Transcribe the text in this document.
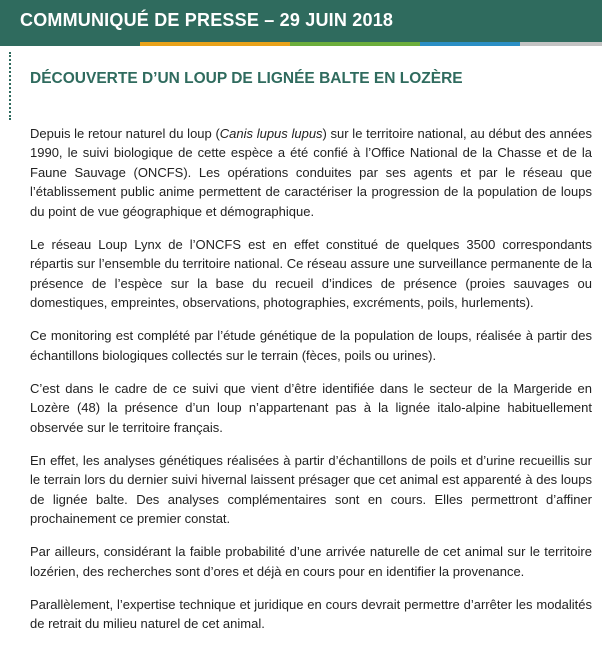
COMMUNIQUÉ DE PRESSE – 29 JUIN 2018
DÉCOUVERTE D’UN LOUP DE LIGNÉE BALTE EN LOZÈRE

Depuis le retour naturel du loup (Canis lupus lupus) sur le territoire national, au début des années 1990, le suivi biologique de cette espèce a été confié à l’Office National de la Chasse et de la Faune Sauvage (ONCFS). Les opérations conduites par ses agents et par le réseau que l’établissement public anime permettent de caractériser la progression de la population de loups du point de vue géographique et démographique.

Le réseau Loup Lynx de l’ONCFS est en effet constitué de quelques 3500 correspondants répartis sur l’ensemble du territoire national. Ce réseau assure une surveillance permanente de la présence de l’espèce sur la base du recueil d’indices de présence (proies sauvages ou domestiques, empreintes, observations, photographies, excréments, poils, hurlements).

Ce monitoring est complété par l’étude génétique de la population de loups, réalisée à partir des échantillons biologiques collectés sur le terrain (fèces, poils ou urines).

C’est dans le cadre de ce suivi que vient d’être identifiée dans le secteur de la Margeride en Lozère (48) la présence d’un loup n’appartenant pas à la lignée italo-alpine habituellement observée sur le territoire français.

En effet, les analyses génétiques réalisées à partir d’échantillons de poils et d’urine recueillis sur le terrain lors du dernier suivi hivernal laissent présager que cet animal est apparenté à des loups de lignée balte. Des analyses complémentaires sont en cours. Elles permettront d’affiner prochainement ce premier constat.

Par ailleurs, considérant la faible probabilité d’une arrivée naturelle de cet animal sur le territoire lozérien, des recherches sont d’ores et déjà en cours pour en identifier la provenance.

Parallèlement, l’expertise technique et juridique en cours devrait permettre d’arrêter les modalités de retrait du milieu naturel de cet animal.
